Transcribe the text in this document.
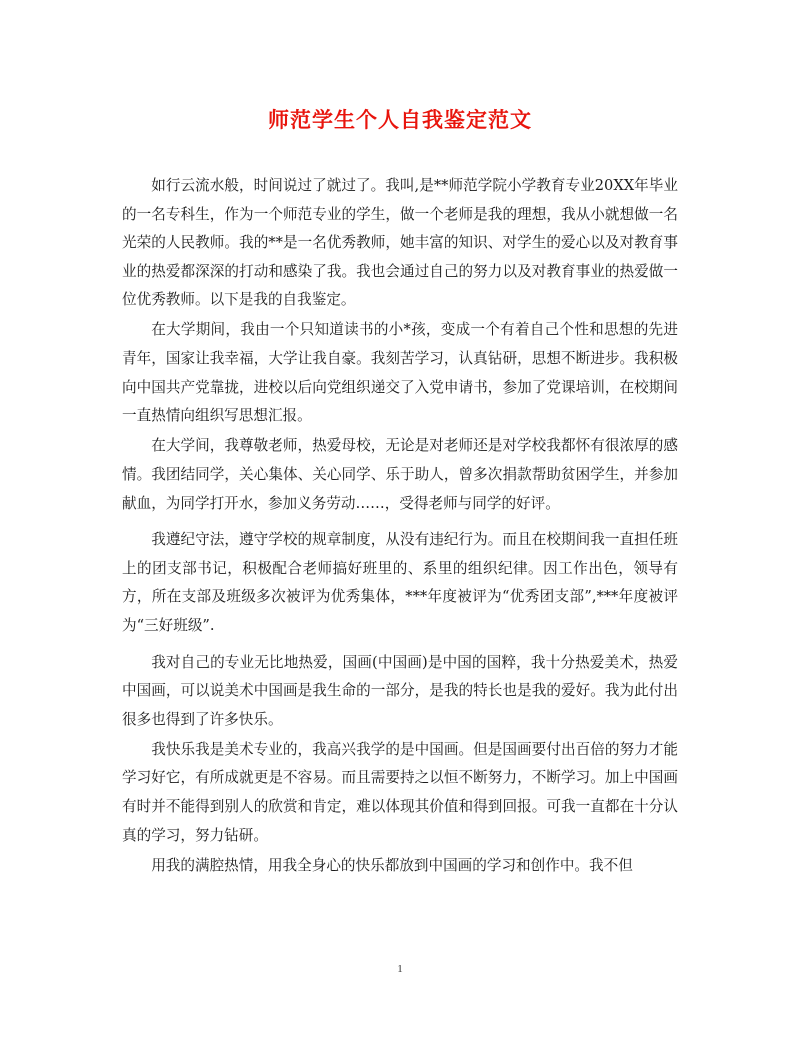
师范学生个人自我鉴定范文

如行云流水般，时间说过了就过了。我叫,是**师范学院小学教育专业20XX年毕业的一名专科生，作为一个师范专业的学生，做一个老师是我的理想，我从小就想做一名光荣的人民教师。我的**是一名优秀教师，她丰富的知识、对学生的爱心以及对教育事业的热爱都深深的打动和感染了我。我也会通过自己的努力以及对教育事业的热爱做一位优秀教师。以下是我的自我鉴定。

在大学期间，我由一个只知道读书的小*孩，变成一个有着自己个性和思想的先进青年，国家让我幸福，大学让我自豪。我刻苦学习，认真钻研，思想不断进步。我积极向中国共产党靠拢，进校以后向党组织递交了入党申请书，参加了党课培训，在校期间一直热情向组织写思想汇报。

在大学间，我尊敬老师，热爱母校，无论是对老师还是对学校我都怀有很浓厚的感情。我团结同学，关心集体、关心同学、乐于助人，曾多次捐款帮助贫困学生，并参加献血，为同学打开水，参加义务劳动……，受得老师与同学的好评。

我遵纪守法，遵守学校的规章制度，从没有违纪行为。而且在校期间我一直担任班上的团支部书记，积极配合老师搞好班里的、系里的组织纪律。因工作出色，领导有方，所在支部及班级多次被评为优秀集体，***年度被评为“优秀团支部”,***年度被评为“三好班级”.

我对自己的专业无比地热爱，国画(中国画)是中国的国粹，我十分热爱美术，热爱中国画，可以说美术中国画是我生命的一部分，是我的特长也是我的爱好。我为此付出很多也得到了许多快乐。

我快乐我是美术专业的，我高兴我学的是中国画。但是国画要付出百倍的努力才能学习好它，有所成就更是不容易。而且需要持之以恒不断努力，不断学习。加上中国画有时并不能得到别人的欣赏和肯定，难以体现其价值和得到回报。可我一直都在十分认真的学习，努力钻研。

用我的满腔热情，用我全身心的快乐都放到中国画的学习和创作中。我不但

1
